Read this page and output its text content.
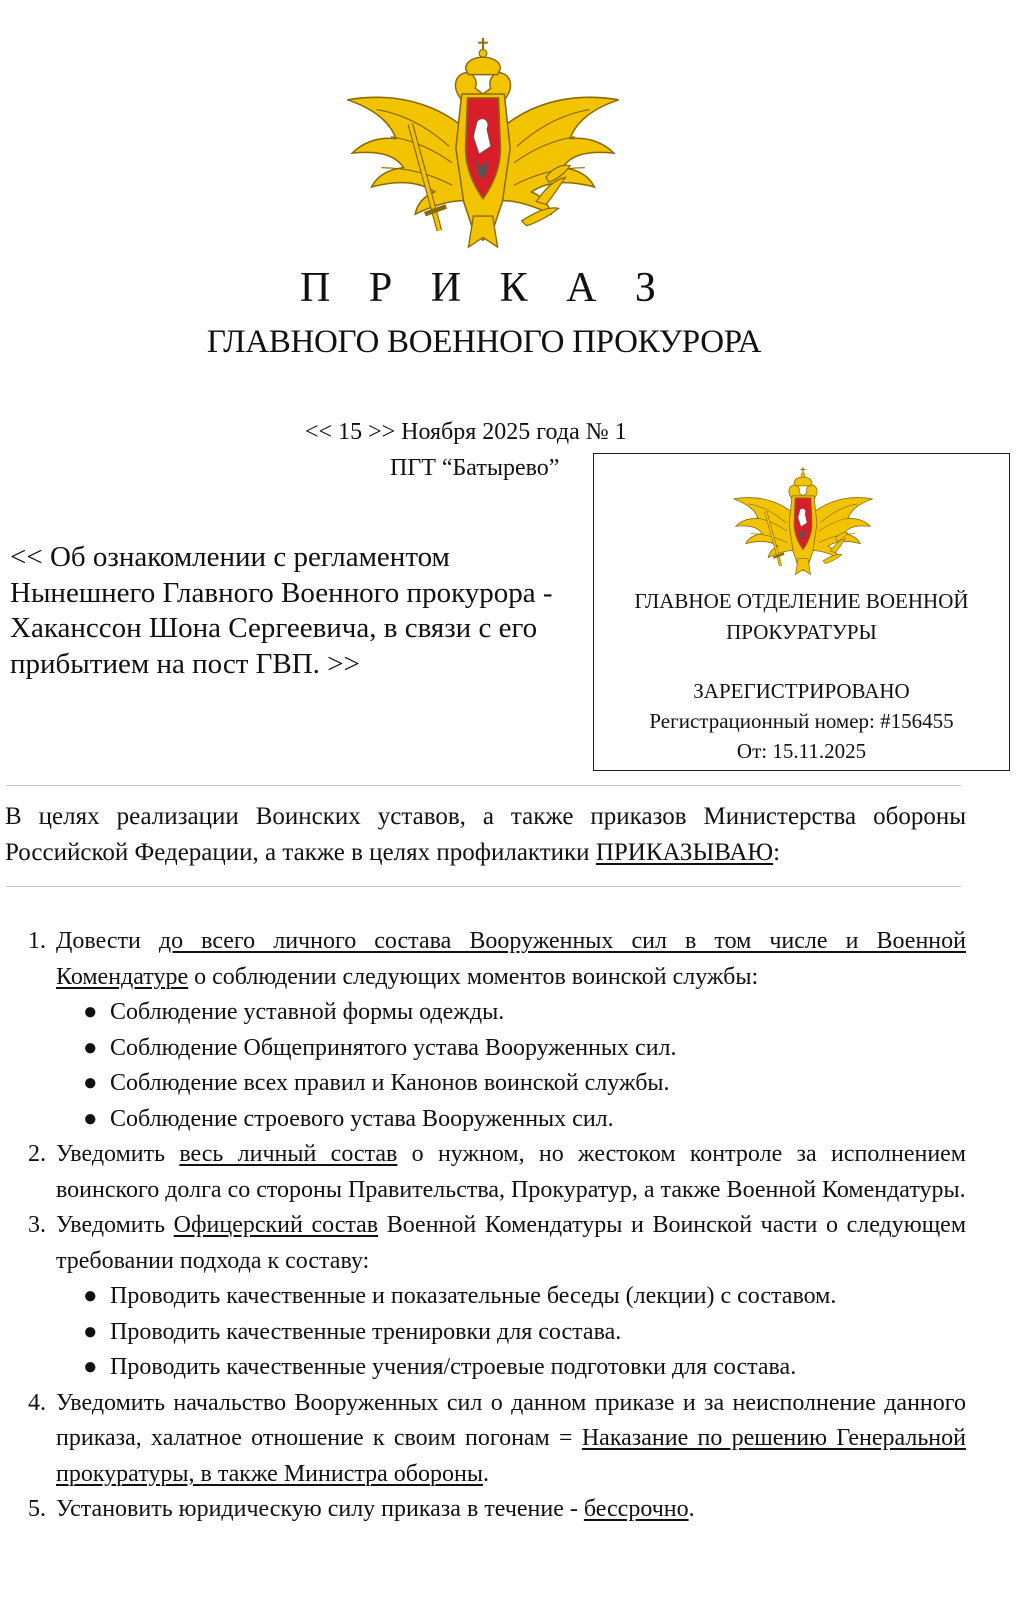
П Р И К А З
ГЛАВНОГО ВОЕННОГО ПРОКУРОРА
<< 15 >> Ноября 2025 года № 1
ПГТ “Батырево”
<< Об ознакомлении с регламентом Нынешнего Главного Военного прокурора - Хаканссон Шона Сергеевича, в связи с его прибытием на пост ГВП. >>
ГЛАВНОЕ ОТДЕЛЕНИЕ ВОЕННОЙ
ПРОКУРАТУРЫ
ЗАРЕГИСТРИРОВАНО
Регистрационный номер: #156455
От: 15.11.2025
В целях реализации Воинских уставов, а также приказов Министерства обороны Российской Федерации, а также в целях профилактики ПРИКАЗЫВАЮ:
1. Довести до всего личного состава Вооруженных сил в том числе и Военной Комендатуре о соблюдении следующих моментов воинской службы:
● Соблюдение уставной формы одежды.
● Соблюдение Общепринятого устава Вооруженных сил.
● Соблюдение всех правил и Канонов воинской службы.
● Соблюдение строевого устава Вооруженных сил.
2. Уведомить весь личный состав о нужном, но жестоком контроле за исполнением воинского долга со стороны Правительства, Прокуратур, а также Военной Комендатуры.
3. Уведомить Офицерский состав Военной Комендатуры и Воинской части о следующем требовании подхода к составу:
● Проводить качественные и показательные беседы (лекции) с составом.
● Проводить качественные тренировки для состава.
● Проводить качественные учения/строевые подготовки для состава.
4. Уведомить начальство Вооруженных сил о данном приказе и за неисполнение данного приказа, халатное отношение к своим погонам = Наказание по решению Генеральной прокуратуры, в также Министра обороны.
5. Установить юридическую силу приказа в течение - бессрочно.
